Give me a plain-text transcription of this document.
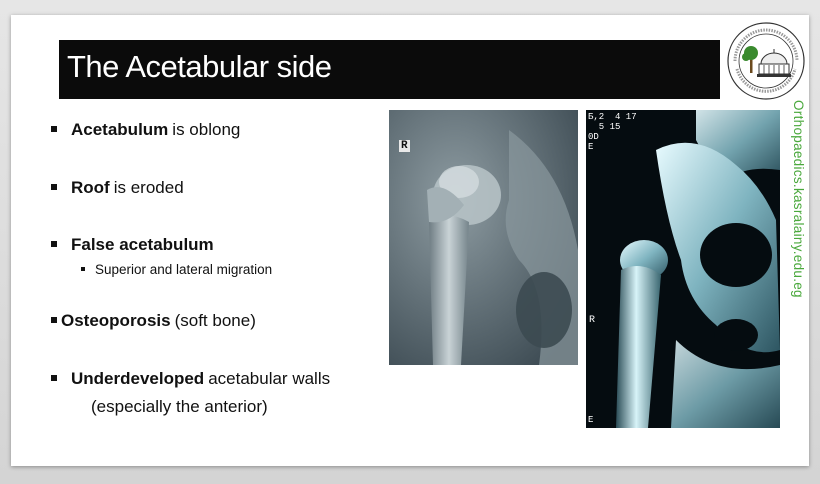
The Acetabular side
Orthopaedics.kasralainy.edu.eg
Acetabulum is oblong
Roof is eroded
False acetabulum
Superior and lateral migration
Osteoporosis (soft bone)
Underdeveloped acetabular walls
(especially the anterior)
R
Б,2  4 17
5 15
0D
E
R
E
